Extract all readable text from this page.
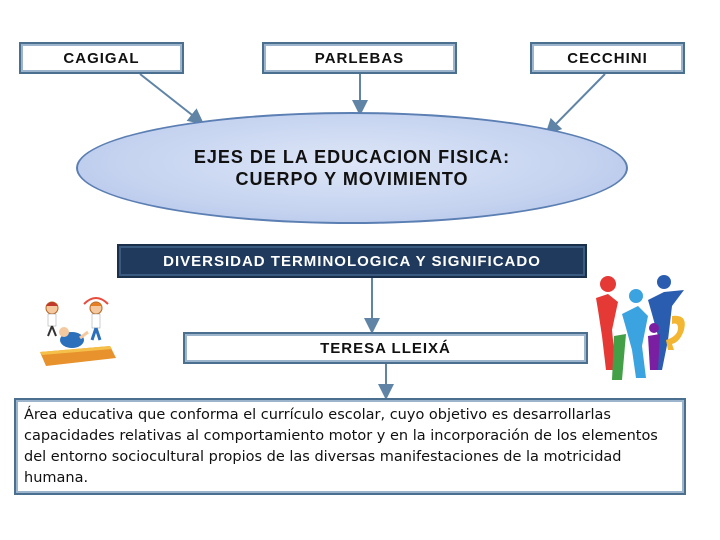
CAGIGAL	PARLEBAS	CECCHINI
EJES DE LA EDUCACION FISICA:
CUERPO Y MOVIMIENTO
DIVERSIDAD TERMINOLOGICA Y SIGNIFICADO
TERESA LLEIXÁ
Área educativa que conforma el currículo escolar, cuyo objetivo es desarrollarlas capacidades relativas al comportamiento motor y en la incorporación de los elementos del entorno sociocultural propios de las diversas manifestaciones de la motricidad humana.
